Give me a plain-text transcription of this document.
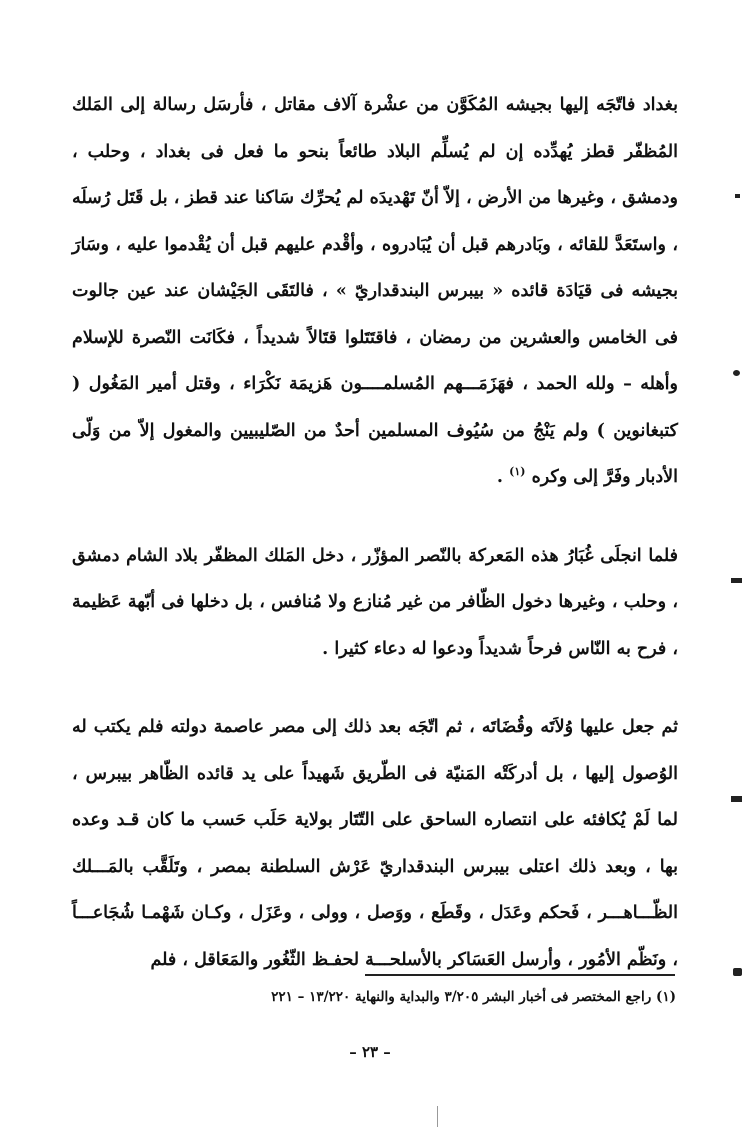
بغداد فاتّجَه إليها بجيشه المُكَوَّن من عشْرة آلاف مقاتل ، فأرسَل رسالة إلى المَلك المُظفّر قطز يُهدِّده إن لم يُسلِّم البلاد طائعاً بنحو ما فعل فى بغداد ، وحلب ، ودمشق ، وغيرها من الأرض ، إلاّ أنّ تَهْديدَه لم يُحرِّك سَاكنا عند قطز ، بل قَتَل رُسلَه ، واستَعَدَّ للقائه ، وبَادرهم قبل أن يُبَادروه ، وأقْدم عليهم قبل أن يُقْدموا عليه ، وسَارَ بجيشه فى قيَادَة قائده « بيبرس البندقداريّ » ، فالتَقَى الجَيْشان عند عين جالوت فى الخامس والعشرين من رمضان ، فاقتَتَلوا قتَالاً شديداً ، فكَانَت النّصرة للإسلام وأهله – ولله الحمد ، فهَزَمَـــهم المُسلمــــون هَزيمَة نَكْرَاء ، وقتل أمير المَغُول ( كتبغانوين ) ولم يَنْجُ من سُيُوف المسلمين أحدٌ من الصّليبيين والمغول إلاّ من وَلّى الأدبار وفَرَّ إلى وكره $^{(١)}$ .

فلما انجلَى غُبَارُ هذه المَعركة بالنّصر المؤزّر ، دخل المَلك المظفّر بلاد الشام دمشق ، وحلب ، وغيرها دخول الظّافر من غير مُنازع ولا مُنافس ، بل دخلها فى أبّهة عَظيمة ، فرح به النّاس فرحاً شديداً ودعوا له دعاء كثيرا .

ثم جعل عليها وُلاَتَه وقُضَاتَه ، ثم اتّجَه بعد ذلك إلى مصر عاصمة دولته فلم يكتب له الوُصول إليها ، بل أدركَتْه المَنيّة فى الطّريق شَهيداً على يد قائده الظّاهر بيبرس ، لما لَمْ يُكافئه على انتصاره الساحق على التّتَار بولاية حَلَب حَسب ما كان قـد وعده بها ، وبعد ذلك اعتلى بيبرس البندقداريّ عَرْش السلطنة بمصر ، وتَلَقَّب بالمَـــلك الظّـــاهـــر ، فَحكم وعَدَل ، وقَطَع ، ووَصل ، وولى ، وعَزَل ، وكـان شَهْمـا شُجَاعـــاً ، ونَظّم الأمُور ، وأرسل العَسَاكر بالأسلحـــة لحفـظ الثّغُور والمَعَاقل ، فلم

(١) راجع المختصر فى أخبار البشر ٣/٢٠٥ والبداية والنهاية ١٣/٢٢٠ – ٢٢١
– ٢٣ –
